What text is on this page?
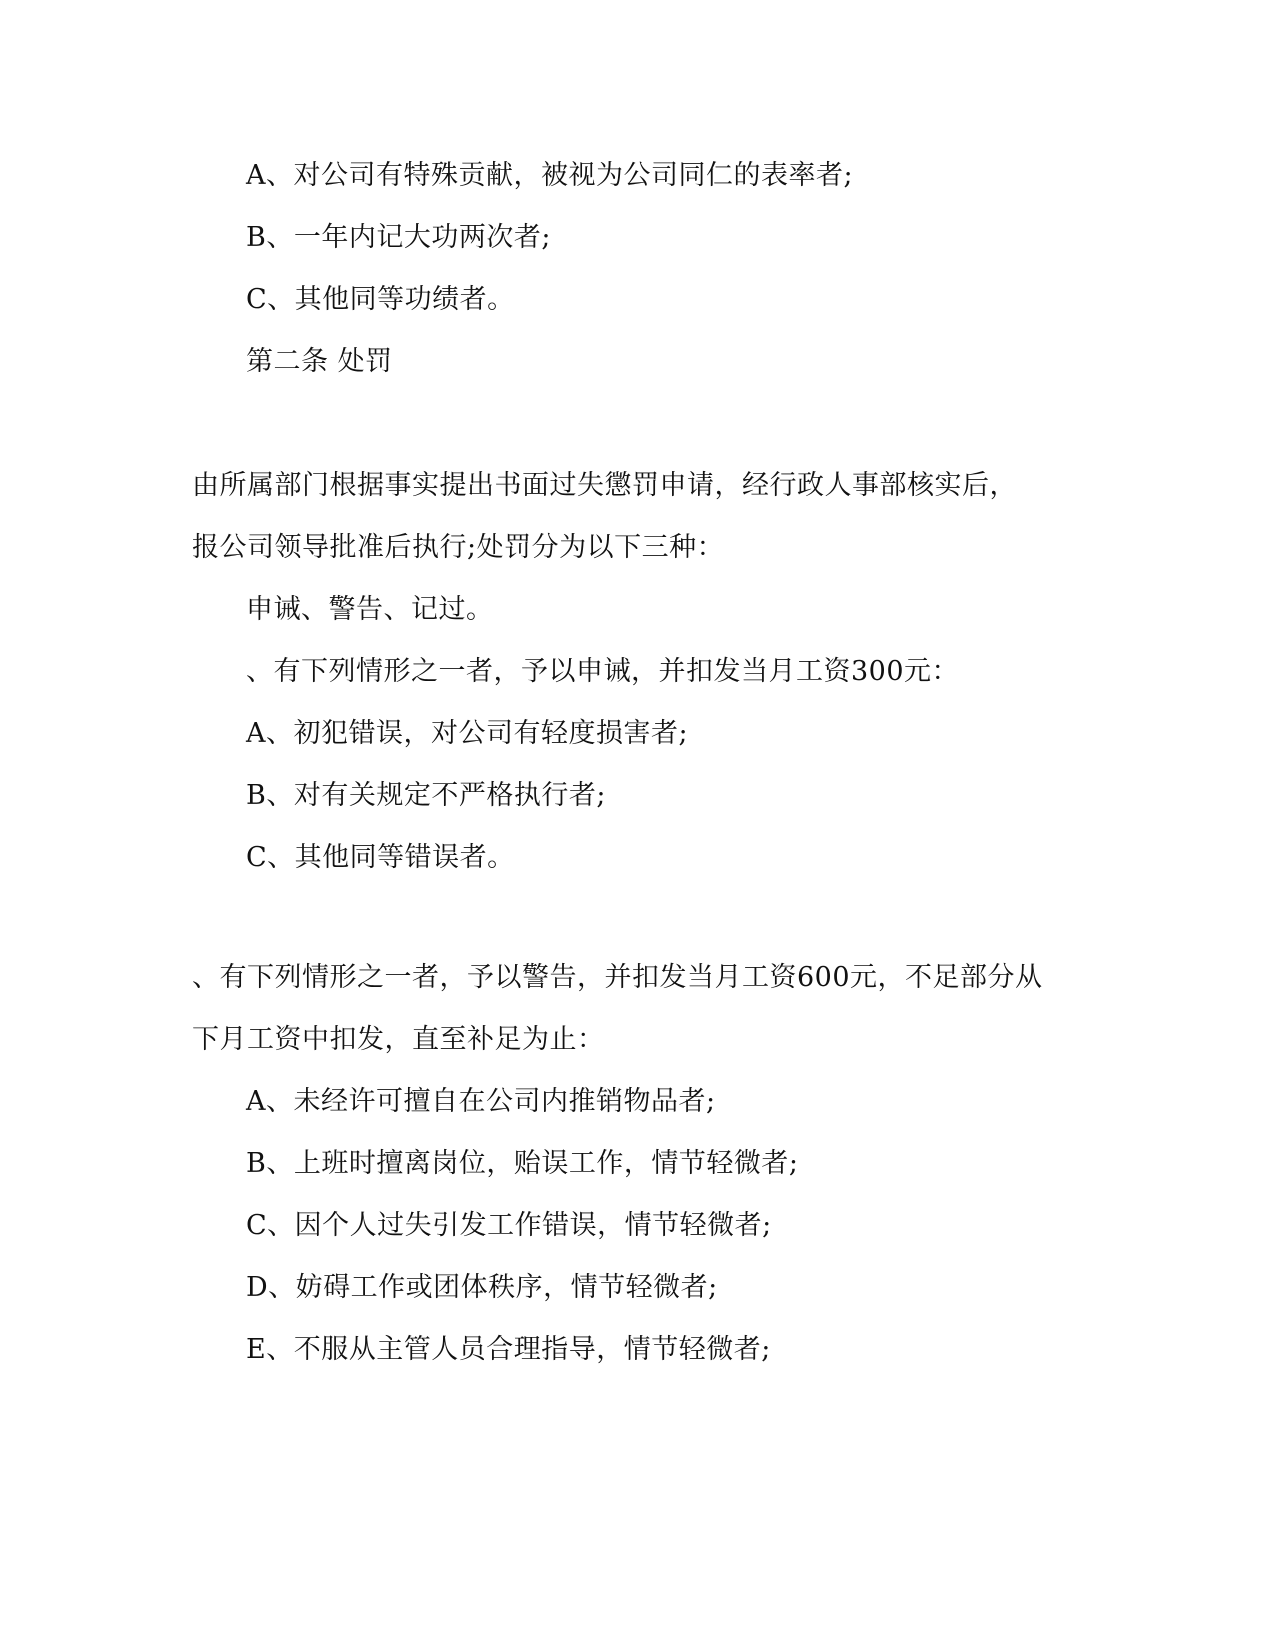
A、对公司有特殊贡献，被视为公司同仁的表率者;
B、一年内记大功两次者;
C、其他同等功绩者。
第二条 处罚
由所属部门根据事实提出书面过失懲罚申请，经行政人事部核实后，
报公司领导批准后执行;处罚分为以下三种：
申诫、警告、记过。
、有下列情形之一者，予以申诫，并扣发当月工资300元：
A、初犯错误，对公司有轻度损害者;
B、对有关规定不严格执行者;
C、其他同等错误者。
、有下列情形之一者，予以警告，并扣发当月工资600元，不足部分从
下月工资中扣发，直至补足为止：
A、未经许可擅自在公司内推销物品者;
B、上班时擅离岗位，贻误工作，情节轻微者;
C、因个人过失引发工作错误，情节轻微者;
D、妨碍工作或团体秩序，情节轻微者;
E、不服从主管人员合理指导，情节轻微者;
